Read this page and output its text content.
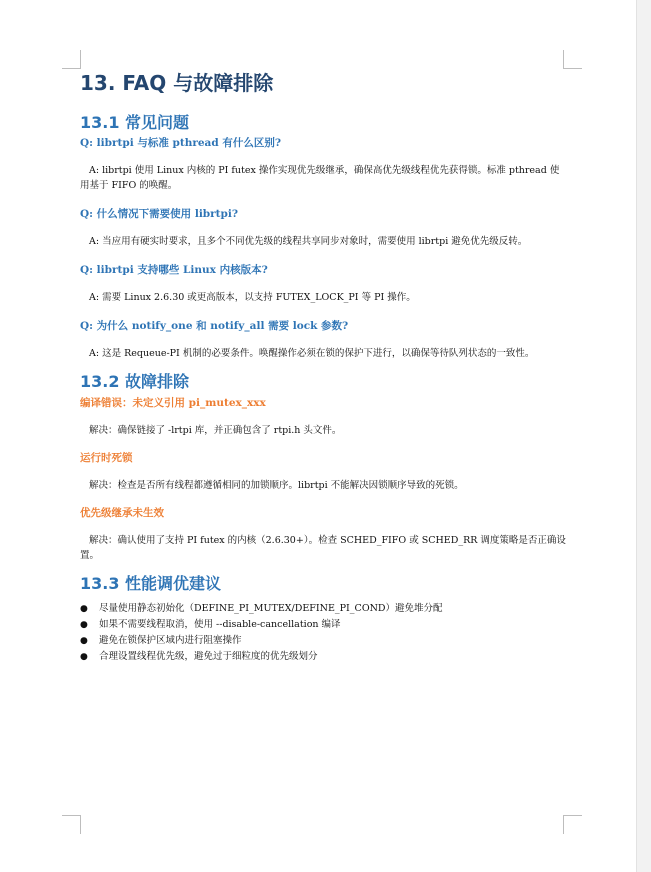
13. FAQ 与故障排除
13.1 常见问题
Q: librtpi 与标准 pthread 有什么区别?

A: librtpi 使用 Linux 内核的 PI futex 操作实现优先级继承，确保高优先级线程优先获得锁。标准 pthread 使用基于 FIFO 的唤醒。

Q: 什么情况下需要使用 librtpi?

A: 当应用有硬实时要求，且多个不同优先级的线程共享同步对象时，需要使用 librtpi 避免优先级反转。

Q: librtpi 支持哪些 Linux 内核版本?

A: 需要 Linux 2.6.30 或更高版本，以支持 FUTEX_LOCK_PI 等 PI 操作。

Q: 为什么 notify_one 和 notify_all 需要 lock 参数?

A: 这是 Requeue-PI 机制的必要条件。唤醒操作必须在锁的保护下进行，以确保等待队列状态的一致性。

13.2 故障排除
编译错误：未定义引用 pi_mutex_xxx

解决：确保链接了 -lrtpi 库，并正确包含了 rtpi.h 头文件。

运行时死锁

解决：检查是否所有线程都遵循相同的加锁顺序。librtpi 不能解决因锁顺序导致的死锁。

优先级继承未生效

解决：确认使用了支持 PI futex 的内核（2.6.30+）。检查 SCHED_FIFO 或 SCHED_RR 调度策略是否正确设置。

13.3 性能调优建议
● 尽量使用静态初始化（DEFINE_PI_MUTEX/DEFINE_PI_COND）避免堆分配
● 如果不需要线程取消，使用 --disable-cancellation 编译
● 避免在锁保护区域内进行阻塞操作
● 合理设置线程优先级，避免过于细粒度的优先级划分
